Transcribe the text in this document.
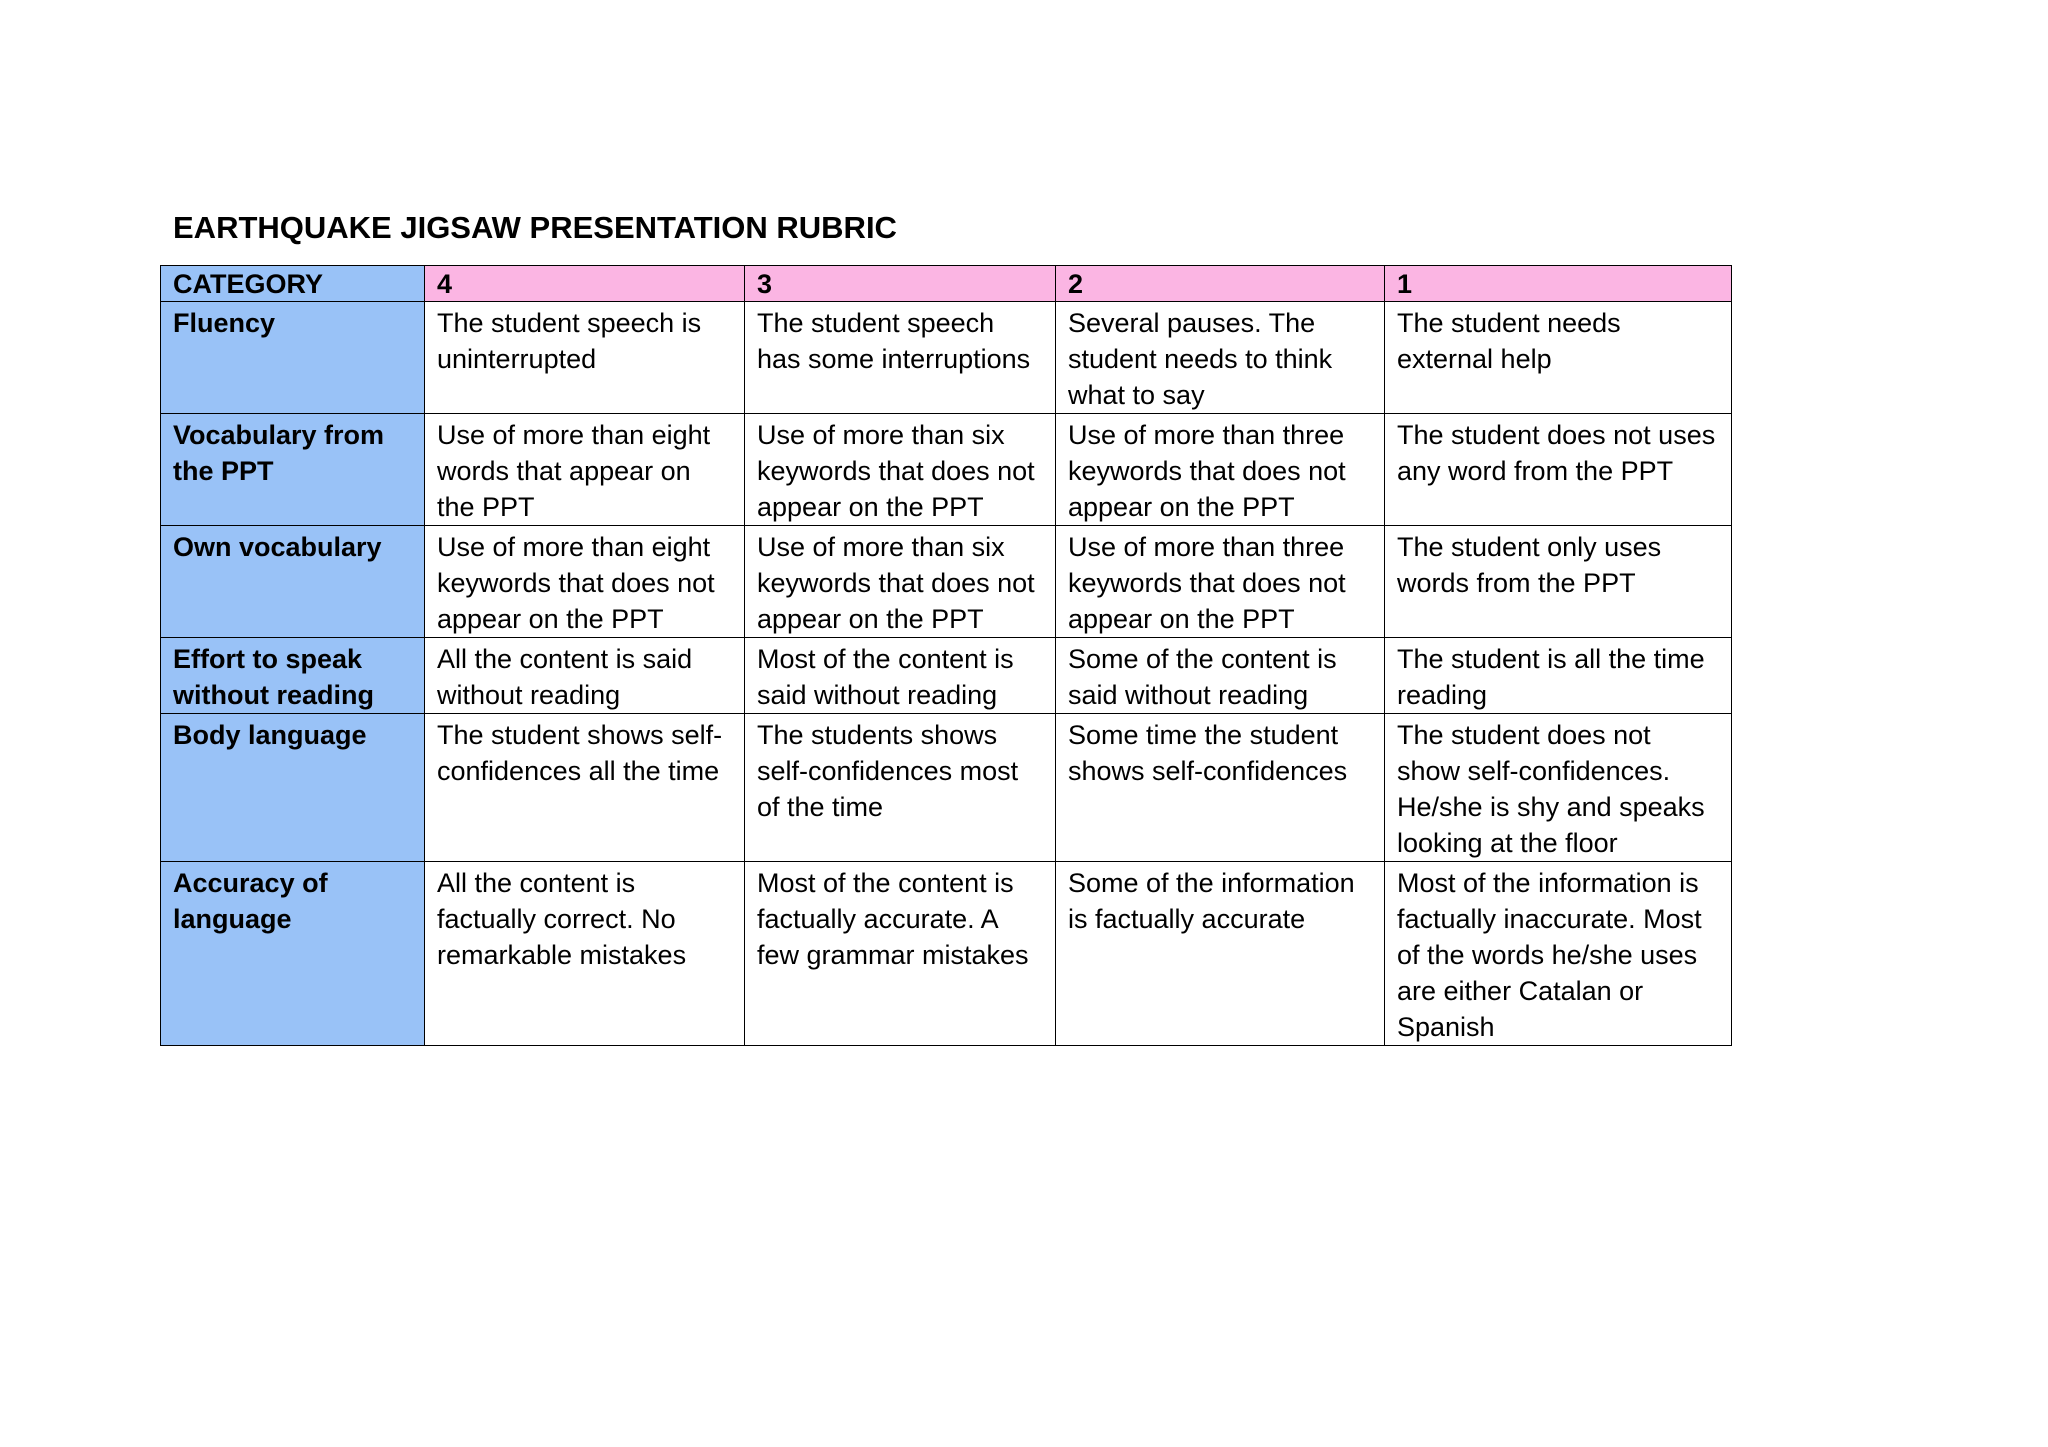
EARTHQUAKE JIGSAW PRESENTATION RUBRIC
CATEGORY	4	3	2	1
Fluency	The student speech is uninterrupted	The student speech has some interruptions	Several pauses. The student needs to think what to say	The student needs external help
Vocabulary from the PPT	Use of more than eight words that appear on the PPT	Use of more than six keywords that does not appear on the PPT	Use of more than three keywords that does not appear on the PPT	The student does not uses any word from the PPT
Own vocabulary	Use of more than eight keywords that does not appear on the PPT	Use of more than six keywords that does not appear on the PPT	Use of more than three keywords that does not appear on the PPT	The student only uses words from the PPT
Effort to speak without reading	All the content is said without reading	Most of the content is said without reading	Some of the content is said without reading	The student is all the time reading
Body language	The student shows self-confidences all the time	The students shows self-confidences most of the time	Some time the student shows self-confidences	The student does not show self-confidences. He/she is shy and speaks looking at the floor
Accuracy of language	All the content is factually correct. No remarkable mistakes	Most of the content is factually accurate. A few grammar mistakes	Some of the information is factually accurate	Most of the information is factually inaccurate. Most of the words he/she uses are either Catalan or Spanish
